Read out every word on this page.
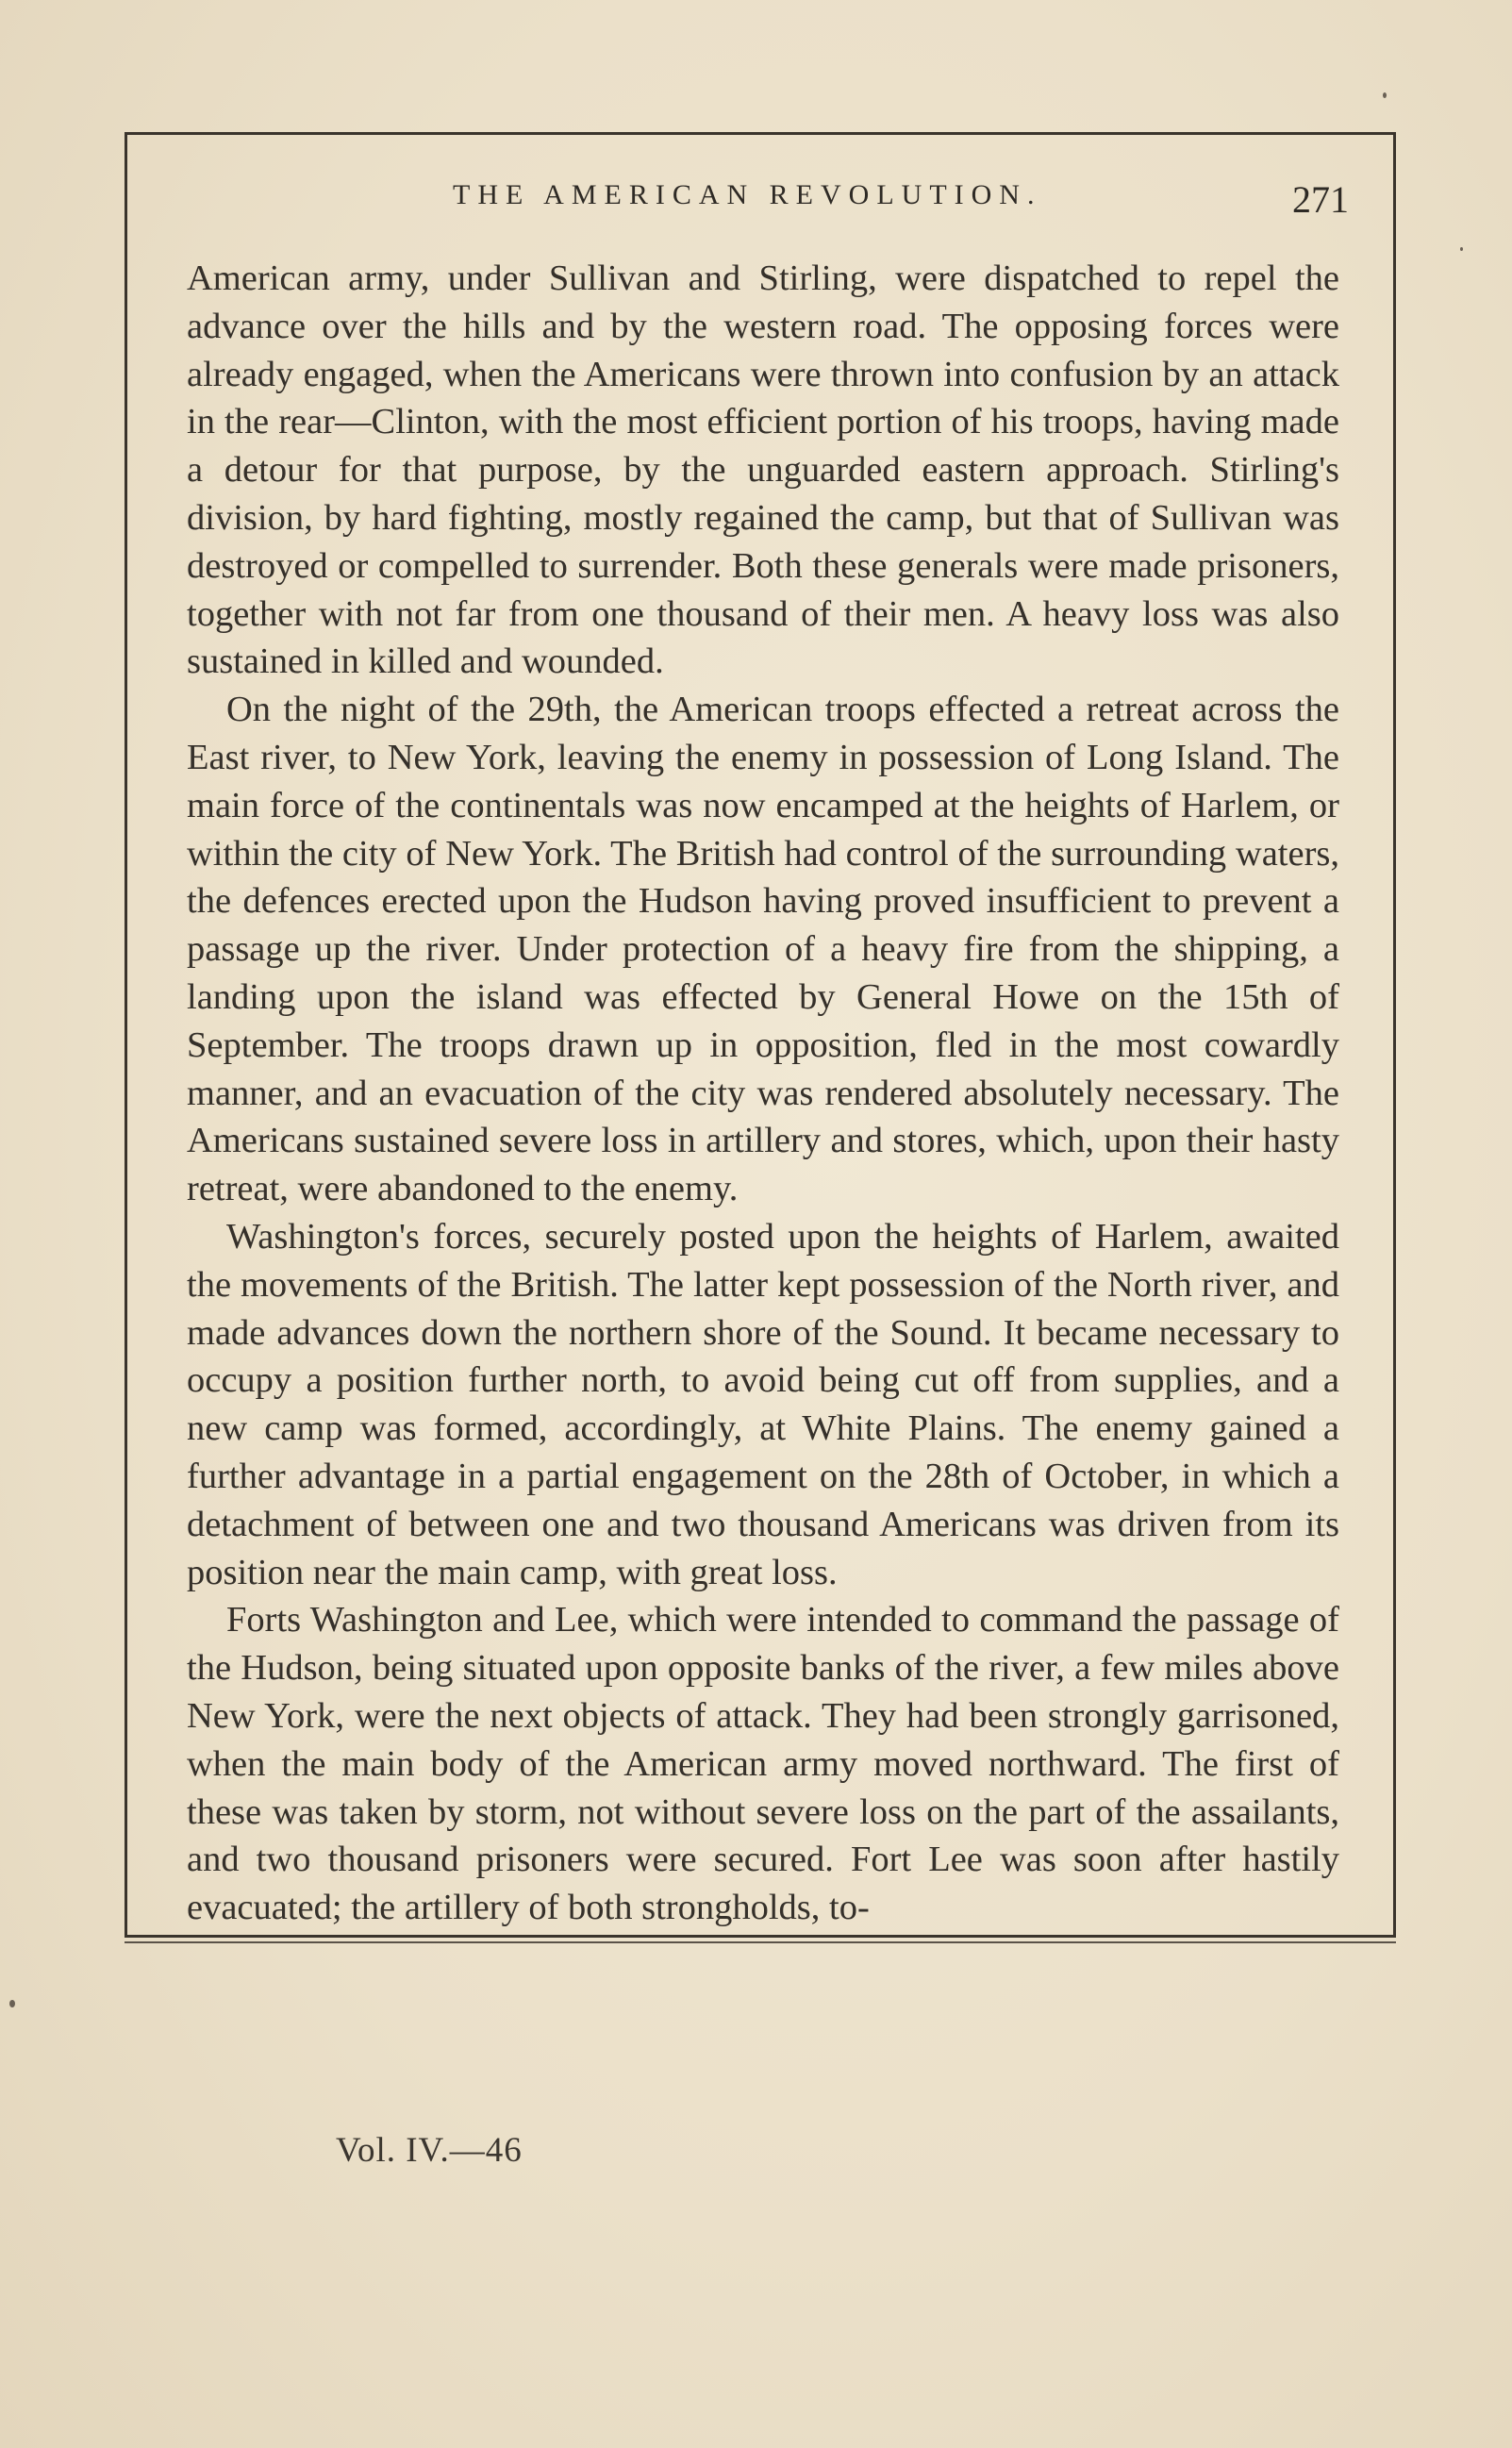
THE AMERICAN REVOLUTION.	271

American army, under Sullivan and Stirling, were dispatched to repel the advance over the hills and by the western road. The opposing forces were already engaged, when the Americans were thrown into confusion by an attack in the rear—Clinton, with the most efficient portion of his troops, having made a detour for that purpose, by the unguarded eastern approach. Stirling's division, by hard fighting, mostly regained the camp, but that of Sullivan was destroyed or compelled to surrender. Both these generals were made prisoners, together with not far from one thousand of their men. A heavy loss was also sustained in killed and wounded.

On the night of the 29th, the American troops effected a retreat across the East river, to New York, leaving the enemy in possession of Long Island. The main force of the continentals was now encamped at the heights of Harlem, or within the city of New York. The British had control of the surrounding waters, the defences erected upon the Hudson having proved insufficient to prevent a passage up the river. Under protection of a heavy fire from the shipping, a landing upon the island was effected by General Howe on the 15th of September. The troops drawn up in opposition, fled in the most cowardly manner, and an evacuation of the city was rendered absolutely necessary. The Americans sustained severe loss in artillery and stores, which, upon their hasty retreat, were abandoned to the enemy.

Washington's forces, securely posted upon the heights of Harlem, awaited the movements of the British. The latter kept possession of the North river, and made advances down the northern shore of the Sound. It became necessary to occupy a position further north, to avoid being cut off from supplies, and a new camp was formed, accordingly, at White Plains. The enemy gained a further advantage in a partial engagement on the 28th of October, in which a detachment of between one and two thousand Americans was driven from its position near the main camp, with great loss.

Forts Washington and Lee, which were intended to command the passage of the Hudson, being situated upon opposite banks of the river, a few miles above New York, were the next objects of attack. They had been strongly garrisoned, when the main body of the American army moved northward. The first of these was taken by storm, not without severe loss on the part of the assailants, and two thousand prisoners were secured. Fort Lee was soon after hastily evacuated; the artillery of both strongholds, to-

Vol. IV.—46
